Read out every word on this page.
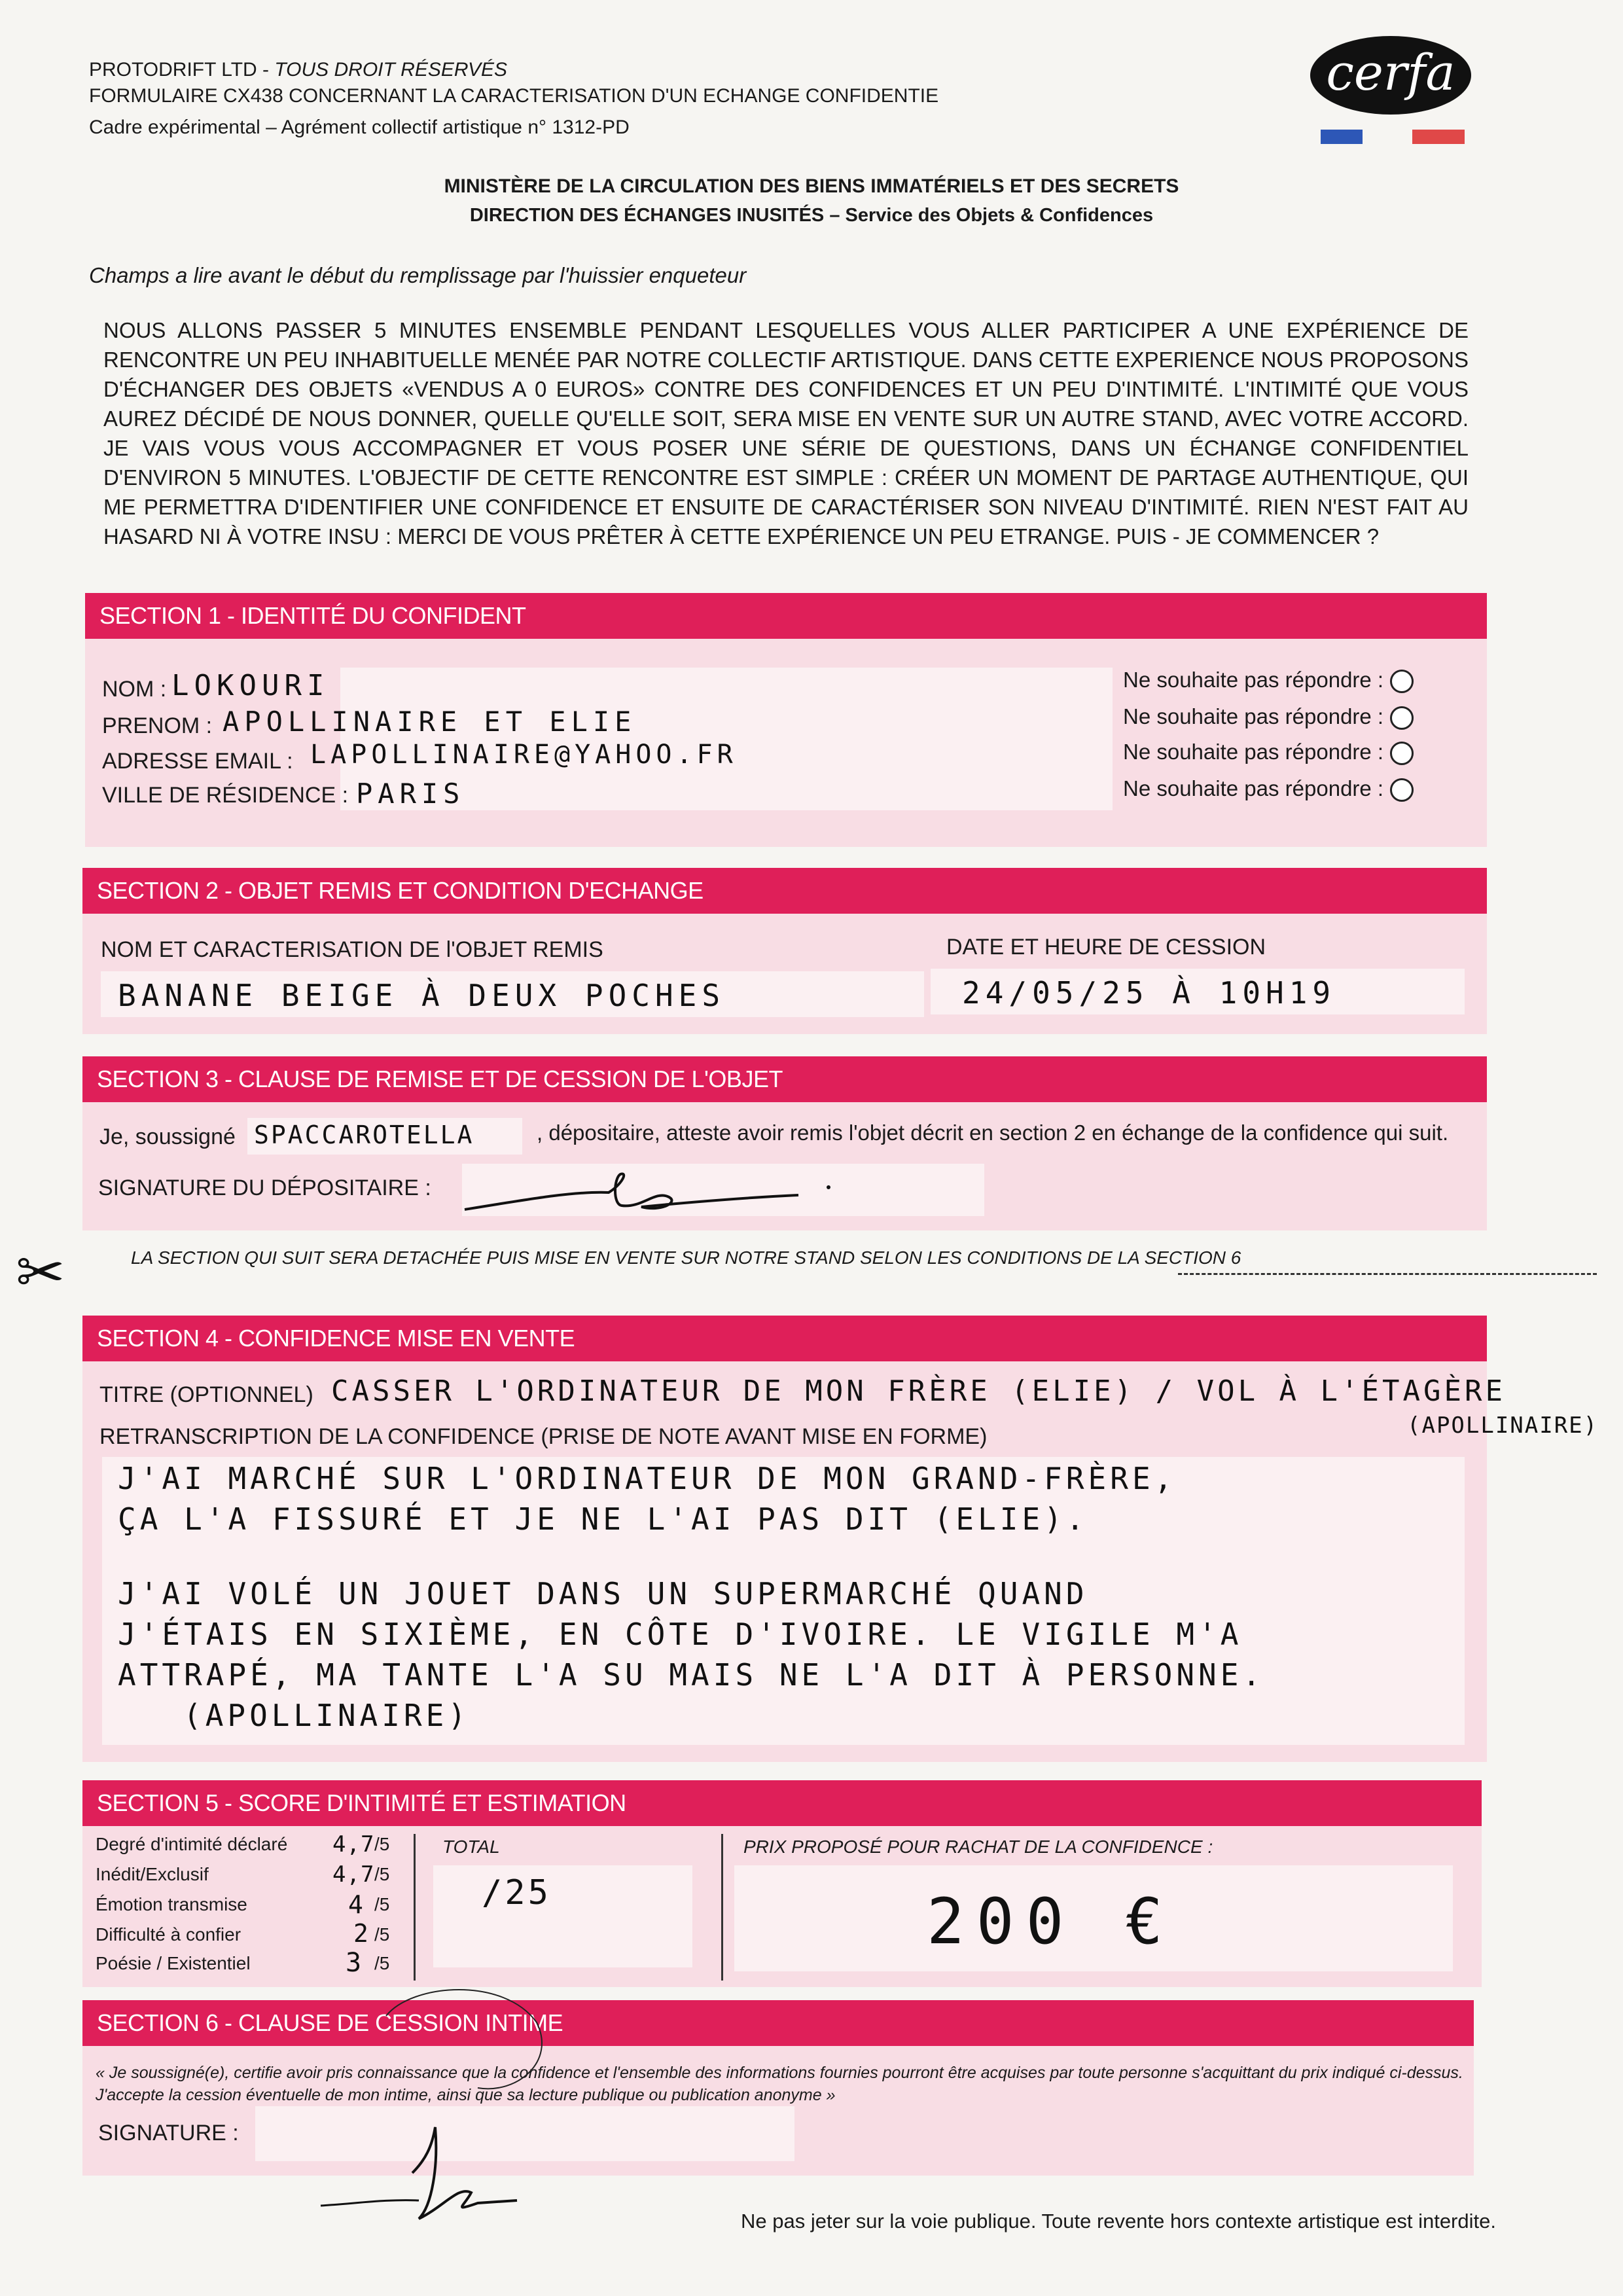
PROTODRIFT LTD - TOUS DROIT RÉSERVÉS
FORMULAIRE CX438 CONCERNANT LA CARACTERISATION D'UN ECHANGE CONFIDENTIE
Cadre expérimental – Agrément collectif artistique n° 1312-PD
cerfa
MINISTÈRE DE LA CIRCULATION DES BIENS IMMATÉRIELS ET DES SECRETS
DIRECTION DES ÉCHANGES INUSITÉS – Service des Objets & Confidences
Champs a lire avant le début du remplissage par l'huissier enqueteur
NOUS ALLONS PASSER 5 MINUTES ENSEMBLE PENDANT LESQUELLES VOUS ALLER PARTICIPER A UNE EXPÉRIENCE DE RENCONTRE UN PEU INHABITUELLE MENÉE PAR NOTRE COLLECTIF ARTISTIQUE. DANS CETTE EXPERIENCE NOUS PROPOSONS D'ÉCHANGER DES OBJETS «VENDUS A 0 EUROS» CONTRE DES CONFIDENCES ET UN PEU D'INTIMITÉ. L'INTIMITÉ QUE VOUS AUREZ DÉCIDÉ DE NOUS DONNER, QUELLE QU'ELLE SOIT, SERA MISE EN VENTE SUR UN AUTRE STAND, AVEC VOTRE ACCORD. JE VAIS VOUS VOUS ACCOMPAGNER ET VOUS POSER UNE SÉRIE DE QUESTIONS, DANS UN ÉCHANGE CONFIDENTIEL D'ENVIRON 5 MINUTES. L'OBJECTIF DE CETTE RENCONTRE EST SIMPLE : CRÉER UN MOMENT DE PARTAGE AUTHENTIQUE, QUI ME PERMETTRA D'IDENTIFIER UNE CONFIDENCE ET ENSUITE DE CARACTÉRISER SON NIVEAU D'INTIMITÉ. RIEN N'EST FAIT AU HASARD NI À VOTRE INSU : MERCI DE VOUS PRÊTER À CETTE EXPÉRIENCE UN PEU ETRANGE. PUIS - JE COMMENCER ?
SECTION 1 - IDENTITÉ DU CONFIDENT
NOM : LOKOURI	Ne souhaite pas répondre :
PRENOM : APOLLINAIRE ET ELIE	Ne souhaite pas répondre :
ADRESSE EMAIL : LAPOLLINAIRE@YAHOO.FR	Ne souhaite pas répondre :
VILLE DE RÉSIDENCE : PARIS	Ne souhaite pas répondre :
SECTION 2 - OBJET REMIS ET CONDITION D'ECHANGE
NOM ET CARACTERISATION DE l'OBJET REMIS
BANANE BEIGE À DEUX POCHES
DATE ET HEURE DE CESSION
24/05/25 À 10H19
SECTION 3 - CLAUSE DE REMISE ET DE CESSION DE L'OBJET
Je, soussigné SPACCAROTELLA	, dépositaire, atteste avoir remis l'objet décrit en section 2 en échange de la confidence qui suit.
SIGNATURE DU DÉPOSITAIRE :
✂	LA SECTION QUI SUIT SERA DETACHÉE PUIS MISE EN VENTE SUR NOTRE STAND SELON LES CONDITIONS DE LA SECTION 6
SECTION 4 - CONFIDENCE MISE EN VENTE
TITRE (OPTIONNEL) CASSER L'ORDINATEUR DE MON FRÈRE (ELIE) / VOL À L'ÉTAGÈRE
(APOLLINAIRE)
RETRANSCRIPTION DE LA CONFIDENCE (PRISE DE NOTE AVANT MISE EN FORME)
J'AI MARCHÉ SUR L'ORDINATEUR DE MON GRAND-FRÈRE,
ÇA L'A FISSURÉ ET JE NE L'AI PAS DIT (ELIE).
J'AI VOLÉ UN JOUET DANS UN SUPERMARCHÉ QUAND
J'ÉTAIS EN SIXIÈME, EN CÔTE D'IVOIRE. LE VIGILE M'A
ATTRAPÉ, MA TANTE L'A SU MAIS NE L'A DIT À PERSONNE.
(APOLLINAIRE)
SECTION 5 - SCORE D'INTIMITÉ ET ESTIMATION
Degré d'intimité déclaré 4,7 /5
Inédit/Exclusif	4,7 /5
Émotion transmise	4 /5
Difficulté à confier	2 /5
Poésie / Existentiel	3 /5
TOTAL
/25
PRIX PROPOSÉ POUR RACHAT DE LA CONFIDENCE :
200 €
SECTION 6 - CLAUSE DE CESSION INTIME
« Je soussigné(e), certifie avoir pris connaissance que la confidence et l'ensemble des informations fournies pourront être acquises par toute personne s'acquittant du prix indiqué ci-dessus. J'accepte la cession éventuelle de mon intime, ainsi que sa lecture publique ou publication anonyme »
SIGNATURE :
Ne pas jeter sur la voie publique. Toute revente hors contexte artistique est interdite.
